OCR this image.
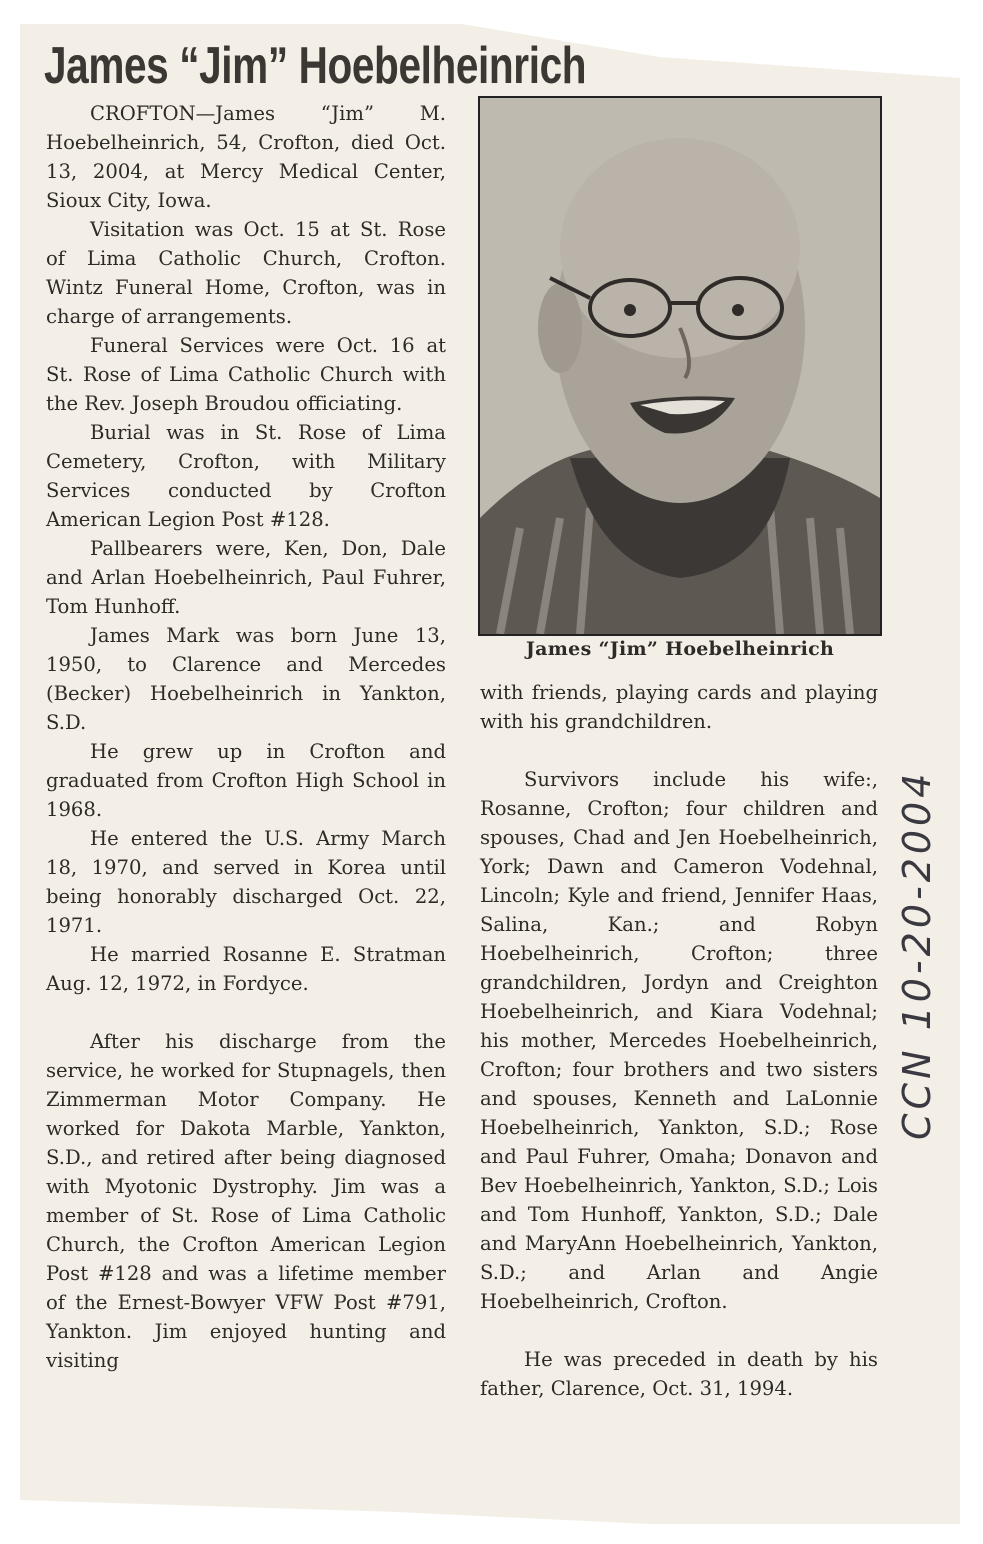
James “Jim” Hoebelheinrich

CROFTON—James “Jim” M. Hoebelheinrich, 54, Crofton, died Oct. 13, 2004, at Mercy Medical Center, Sioux City, Iowa.

Visitation was Oct. 15 at St. Rose of Lima Catholic Church, Crofton. Wintz Funeral Home, Crofton, was in charge of arrangements.

Funeral Services were Oct. 16 at St. Rose of Lima Catholic Church with the Rev. Joseph Broudou officiating.

Burial was in St. Rose of Lima Cemetery, Crofton, with Military Services conducted by Crofton American Legion Post #128.

Pallbearers were, Ken, Don, Dale and Arlan Hoebelheinrich, Paul Fuhrer, Tom Hunhoff.

James Mark was born June 13, 1950, to Clarence and Mercedes (Becker) Hoebelheinrich in Yankton, S.D.

He grew up in Crofton and graduated from Crofton High School in 1968.

He entered the U.S. Army March 18, 1970, and served in Korea until being honorably discharged Oct. 22, 1971.

He married Rosanne E. Stratman Aug. 12, 1972, in Fordyce.

After his discharge from the service, he worked for Stupnagels, then Zimmerman Motor Company. He worked for Dakota Marble, Yankton, S.D., and retired after being diagnosed with Myotonic Dystrophy. Jim was a member of St. Rose of Lima Catholic Church, the Crofton American Legion Post #128 and was a lifetime member of the Ernest-Bowyer VFW Post #791, Yankton. Jim enjoyed hunting and visiting

James “Jim” Hoebelheinrich

with friends, playing cards and playing with his grandchildren.

Survivors include his wife:, Rosanne, Crofton; four children and spouses, Chad and Jen Hoebelheinrich, York; Dawn and Cameron Vodehnal, Lincoln; Kyle and friend, Jennifer Haas, Salina, Kan.; and Robyn Hoebelheinrich, Crofton; three grandchildren, Jordyn and Creighton Hoebelheinrich, and Kiara Vodehnal; his mother, Mercedes Hoebelheinrich, Crofton; four brothers and two sisters and spouses, Kenneth and LaLonnie Hoebelheinrich, Yankton, S.D.; Rose and Paul Fuhrer, Omaha; Donavon and Bev Hoebelheinrich, Yankton, S.D.; Lois and Tom Hunhoff, Yankton, S.D.; Dale and MaryAnn Hoebelheinrich, Yankton, S.D.; and Arlan and Angie Hoebelheinrich, Crofton.

He was preceded in death by his father, Clarence, Oct. 31, 1994.

CCN 10-20-2004
